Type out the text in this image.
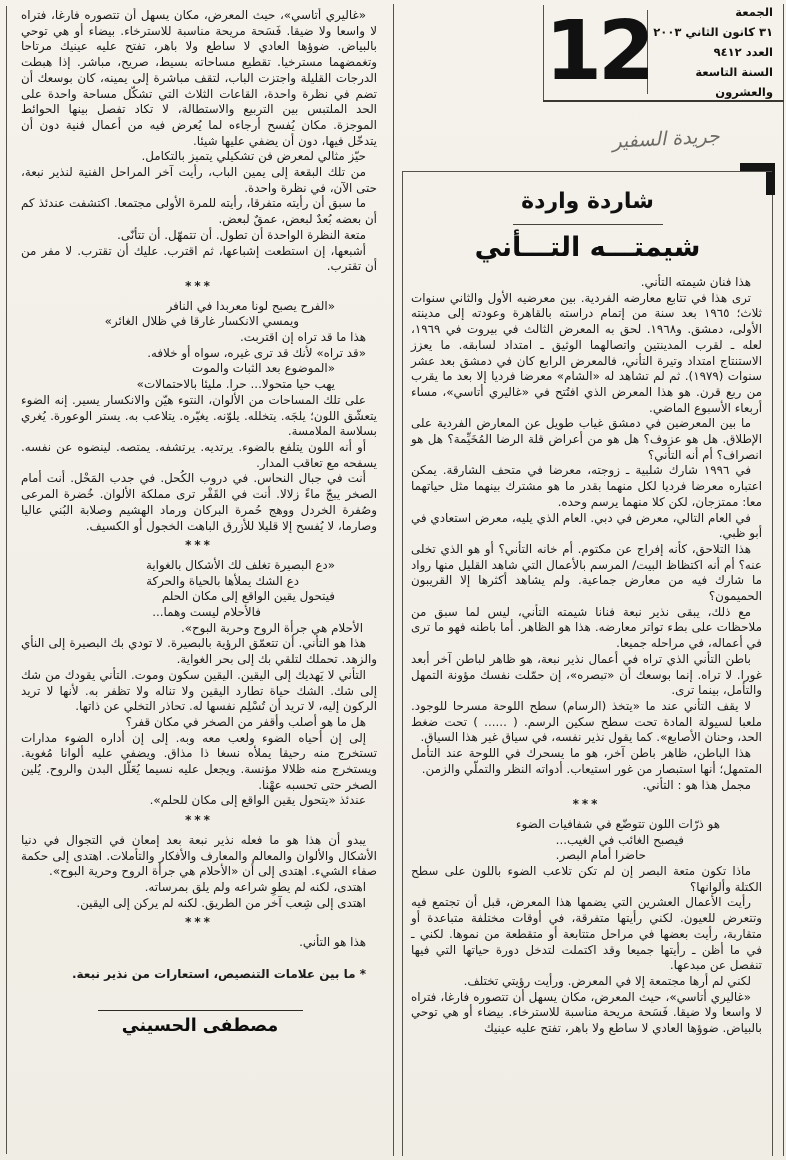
12	الجمعة
٣١ كانون الثاني ٢٠٠٣
العدد ٩٤١٢
السنة التاسعة والعشرون
جريدة السفير
شاردة واردة
شيمتـــه التـــأني
هذا فنان شيمته التأني.
ترى هذا في تتابع معارضه الفردية. بين معرضيه الأول والثاني سنوات ثلاث؛ ١٩٦٥ بعد سنة من إتمام دراسته بالقاهرة وعودته إلى مدينته الأولى، دمشق. و١٩٦٨. لحق به المعرض الثالث في بيروت في ١٩٦٩، لعله ـ لقرب المدينتين واتصالهما الوثيق ـ امتداد لسابقه. ما يعزز الاستنتاج امتداد وتيرة التأني، فالمعرض الرابع كان في دمشق بعد عشر سنوات (١٩٧٩). ثم لم تشاهد له «الشام» معرضا فرديا إلا بعد ما يقرب من ربع قرن. هو هذا المعرض الذي افتُتح في «غاليري أتاسي»، مساء أربعاء الأسبوع الماضي.
ما بين المعرضين في دمشق غياب طويل عن المعارض الفردية على الإطلاق. هل هو عزوف؟ هل هو من أعراض قلة الرضا المُخَيِّمة؟ هل هو انصراف؟ أم أنه التأني؟
في ١٩٩٦ شارك شلبية ـ زوجته، معرضا في متحف الشارقة. يمكن اعتباره معرضا فرديا لكل منهما بقدر ما هو مشترك بينهما مثل حياتهما معا: ممتزجان، لكن كلا منهما يرسم وحده.
في العام التالي، معرض في دبي. العام الذي يليه، معرض استعادي في أبو ظبي.
هذا التلاحق، كأنه إفراج عن مكتوم. أم خانه التأني؟ أو هو الذي تخلى عنه؟ أم أنه اكتظاظ البيت/ المرسم بالأعمال التي شاهد القليل منها رواد ما شارك فيه من معارض جماعية. ولم يشاهد أكثرها إلا القريبون الحميمون؟
مع ذلك، يبقى نذير نبعة فنانا شيمته التأني، ليس لما سبق من ملاحظات على بطء تواتر معارضه. هذا هو الظاهر. أما باطنه فهو ما ترى في أعماله، في مراحله جميعا.
باطن التأني الذي تراه في أعمال نذير نبعة، هو ظاهر لباطن آخر أبعد غورا. لا تراه. إنما بوسعك أن «تبصره»، إن حمّلت نفسك مؤونة التمهل والتأمل، بينما ترى.
لا يقف التأني عند ما «يتخذ (الرسام) سطح اللوحة مسرحا للوجود. ملعبا لسيولة المادة تحت سطح سكين الرسم. ( ...... ) تحت ضغط الحد، وحنان الأصابع». كما يقول نذير نفسه، في سياق غير هذا السياق.
هذا الباطن، ظاهر باطن آخر، هو ما يسحرك في اللوحة عند التأمل المتمهل؛ أنها استبصار من غور استيعاب. أدواته النظر والتملّي والزمن.
مجمل هذا هو : التأني.
***
هو ذرّات اللون تتوضّع في شفافيات الضوء
فيصبح الغائب في الغيب...
حاضرا أمام البصر.
ماذا تكون متعة البصر إن لم تكن تلاعب الضوء باللون على سطح الكتلة وألوانها؟
رأيت الأعمال العشرين التي يضمها هذا المعرض، قبل أن تجتمع فيه وتتعرض للعيون. لكني رأيتها متفرقة، في أوقات مختلفة متباعدة أو متقاربة، رأيت بعضها في مراحل متتابعة أو متقطعة من نموها. لكني ـ في ما أظن ـ رأيتها جميعا وقد اكتملت لتدخل دورة حياتها التي فيها تنفصل عن مبدعها.
لكني لم أرها مجتمعة إلا في المعرض. ورأيت رؤيتي تختلف.
«غاليري أتاسي»، حيث المعرض، مكان يسهل أن تتصوره فارغا، فتراه لا واسعا ولا ضيقا. فَسَحة مريحة مناسبة للاسترخاء. بيضاء أو هي توحي بالبياض. ضوؤها العادي لا ساطع ولا باهر، تفتح عليه عينيك
«غاليري أتاسي»، حيث المعرض، مكان يسهل أن تتصوره فارغا، فتراه لا واسعا ولا ضيقا. فَسَحة مريحة مناسبة للاسترخاء. بيضاء أو هي توحي بالبياض. ضوؤها العادي لا ساطع ولا باهر، تفتح عليه عينيك مرتاحا وتغمضهما مسترخيا. تقطيع مساحاته بسيط، صريح، مباشر. إذا هبطت الدرجات القليلة واجتزت الباب، لتقف مباشرة إلى يمينه، كان بوسعك أن تضم في نظرة واحدة، القاعات الثلاث التي تشكّل مساحة واحدة على الحد الملتبس بين التربيع والاستطالة، لا تكاد تفصل بينها الحوائط الموجزة. مكان يُفسح أرجاءه لما يُعرض فيه من أعمال فنية دون أن يتدخّل فيها، دون أن يضفي عليها شيئا.
حيّز مثالي لمعرض فن تشكيلي يتميز بالتكامل.
من تلك البقعة إلى يمين الباب، رأيت آخر المراحل الفنية لنذير نبعة، حتى الآن، في نظرة واحدة.
ما سبق أن رأيته متفرقا، رأيته للمرة الأولى مجتمعا. اكتشفت عندئذ كم أن بعضه بُعدٌ لبعض، عمقٌ لبعض.
متعة النظرة الواحدة أن تطول. أن تتمهّل. أن تتأنّى.
أشبعها، إن استطعت إشباعها، ثم اقترب. عليك أن تقترب. لا مفر من أن تقترب.
***
«الفرح يصبح لونا معربدا في النافر
ويمسي الانكسار غارقا في ظلال الغائر»
هذا ما قد تراه إن اقتربت.
«قد تراه» لأنك قد ترى غيره، سواه أو خلافه.
«الموضوع بعد الثبات والموت
يهب حيا متحولا... حرا. مليئا بالاحتمالات»
على تلك المساحات من الألوان، النتوء هيّن والانكسار يسير. إنه الضوء يتعشّق اللون؛ يلجَه. يتخلله. يلوّنه. يغيّره. يتلاعب به. يستر الوعورة. يُغري بسلاسة الملامسة.
أو أنه اللون يتلفع بالضوء. يرتديه. يرتشفه. يمتصه. لينضوه عن نفسه. يسفحه مع تعاقب المدار.
أنت في جبال النحاس. في دروب الكُحل. في جدب المَحْل. أنت أمام الصخر يبجّ ماءً زلالا. أنت في القَفْر ترى مملكة الألوان. خُضرة المرعى وصُفرة الخردل ووهج حُمرة البركان ورماد الهشيم وصلابة البُني عاليا وصارما، لا يُفسح إلا قليلا للأزرق الباهت الخجول أو الكسيف.
***
«دع البصيرة تغلف لك الأشكال بالغواية
دع الشك يملأها بالحياة والحركة
فيتحول يقين الواقع إلى مكان الحلم
فالأحلام ليست وهما...
الأحلام هي جرأة الروح وحرية البوح».
هذا هو التأني. أن تتعمّق الرؤية بالبصيرة. لا تودي بك البصيرة إلى النأي والزهد. تحملك لتلقي بك إلى بحر الغواية.
التأني لا يَهديك إلى اليقين. اليقين سكون وموت. التأني يقودك من شك إلى شك. الشك حياة تطارد اليقين ولا تناله ولا تظفر به. لأنها لا تريد الركون إليه، لا تريد أن تُسْلِم نفسها له. تحاذر التخلي عن ذاتها.
هل ما هو أصلب وأقفر من الصخر في مكان قفر؟
إلى إن أحياه الضوء ولعب معه وبه. إلى إن أداره الضوء مدارات تستخرج منه رحيقا يملأه نسغا ذا مذاق. ويضفي عليه ألوانا مُغوية. ويستخرج منه ظلالا مؤنسة. ويجعل عليه نسيما يُعَلّل البدن والروح. يُلين الصخر حتى تحسبه عهْنا.
عندئذ «يتحول يقين الواقع إلى مكان للحلم».
***
يبدو أن هذا هو ما فعله نذير نبعة بعد إمعان في التجوال في دنيا الأشكال والألوان والمعالم والمعارف والأفكار والتأملات. اهتدى إلى حكمة صفاء الشيء. اهتدى إلى أن «الأحلام هي جرأة الروح وحرية البوح».
اهتدى، لكنه لم يطوِ شراعه ولم يلق بمرساته.
اهتدى إلى شِعب آخر من الطريق. لكنه لم يركن إلى اليقين.
***
هذا هو التأني.
* ما بين علامات التنصيص، استعارات من نذير نبعة.
مصطفى الحسيني
